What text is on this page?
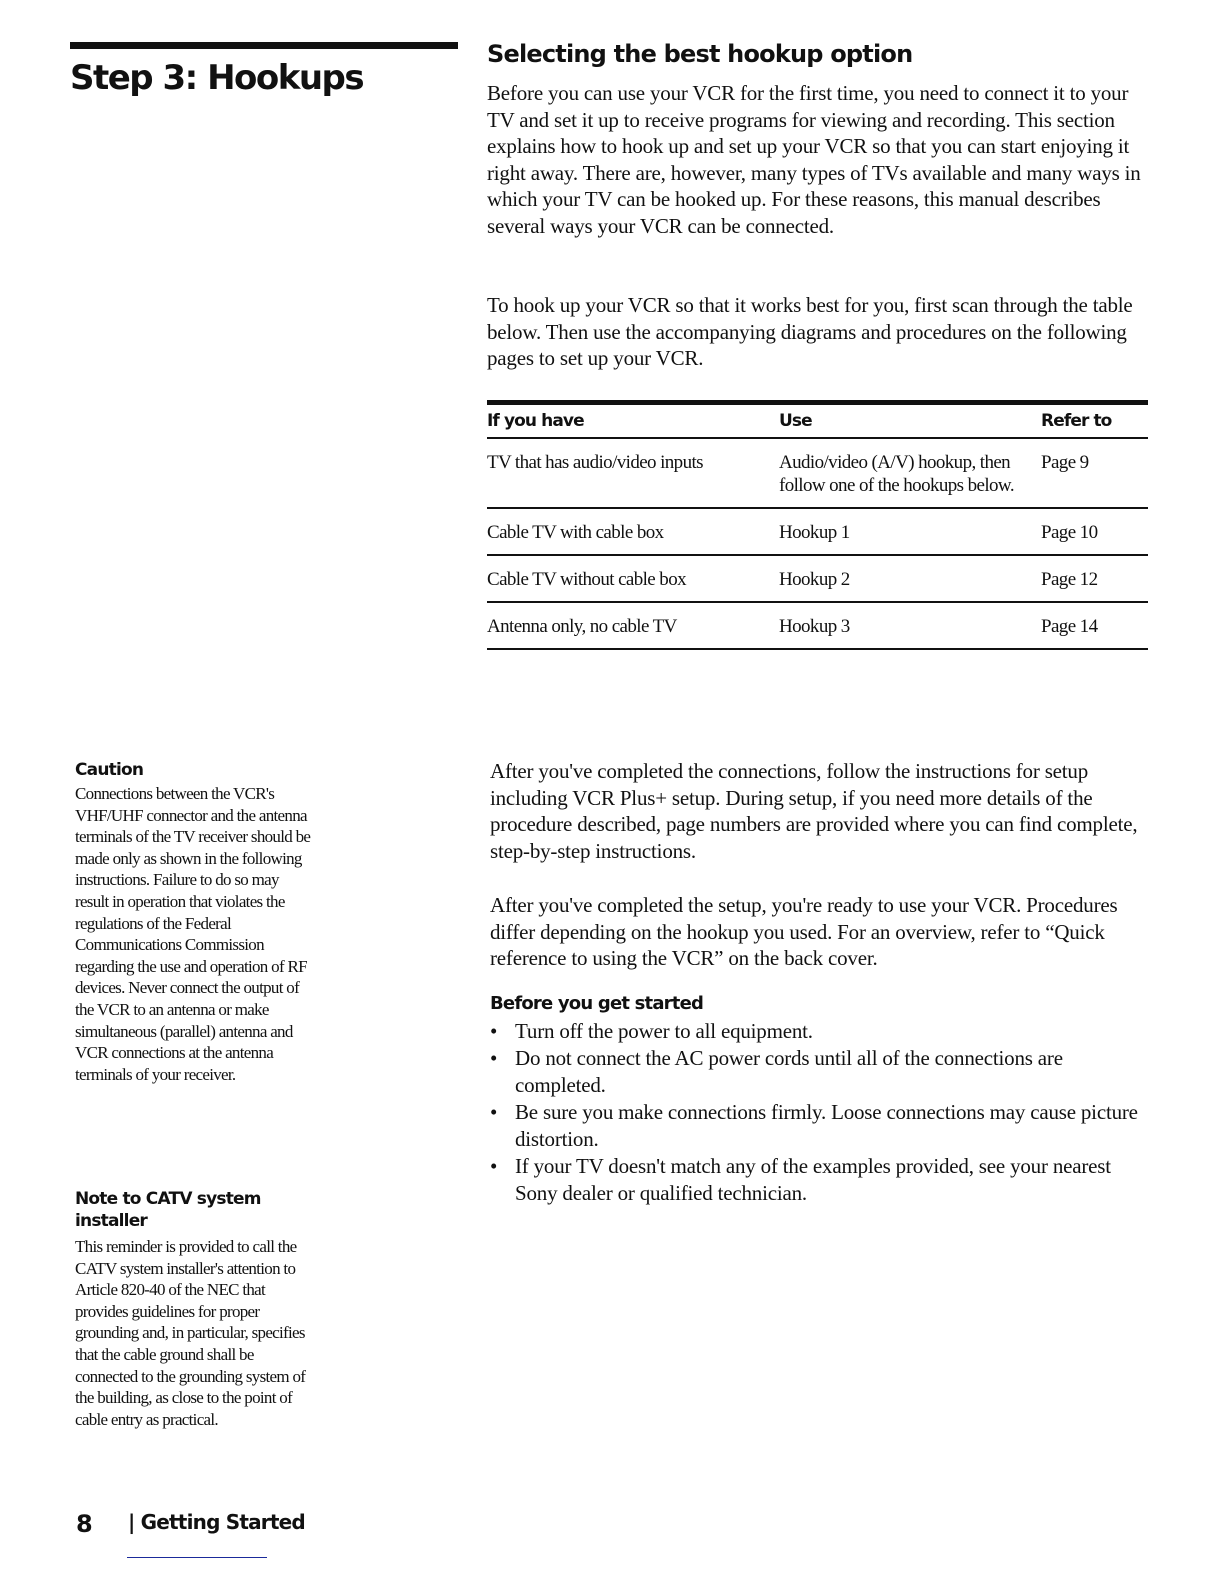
Step 3: Hookups
Selecting the best hookup option

Before you can use your VCR for the first time, you need to connect it to your TV and set it up to receive programs for viewing and recording. This section explains how to hook up and set up your VCR so that you can start enjoying it right away. There are, however, many types of TVs available and many ways in which your TV can be hooked up. For these reasons, this manual describes several ways your VCR can be connected.

To hook up your VCR so that it works best for you, first scan through the table below. Then use the accompanying diagrams and procedures on the following pages to set up your VCR.

If you have	Use	Refer to
TV that has audio/video inputs	Audio/video (A/V) hookup, then follow one of the hookups below.	Page 9
Cable TV with cable box	Hookup 1	Page 10
Cable TV without cable box	Hookup 2	Page 12
Antenna only, no cable TV	Hookup 3	Page 14

After you've completed the connections, follow the instructions for setup including VCR Plus+ setup. During setup, if you need more details of the procedure described, page numbers are provided where you can find complete, step-by-step instructions.

After you've completed the setup, you're ready to use your VCR. Procedures differ depending on the hookup you used. For an overview, refer to “Quick reference to using the VCR” on the back cover.

Before you get started
• Turn off the power to all equipment.
• Do not connect the AC power cords until all of the connections are completed.
• Be sure you make connections firmly. Loose connections may cause picture distortion.
• If your TV doesn't match any of the examples provided, see your nearest Sony dealer or qualified technician.
Caution

Connections between the VCR's VHF/UHF connector and the antenna terminals of the TV receiver should be made only as shown in the following instructions. Failure to do so may result in operation that violates the regulations of the Federal Communications Commission regarding the use and operation of RF devices. Never connect the output of the VCR to an antenna or make simultaneous (parallel) antenna and VCR connections at the antenna terminals of your receiver.

Note to CATV system installer

This reminder is provided to call the CATV system installer's attention to Article 820-40 of the NEC that provides guidelines for proper grounding and, in particular, specifies that the cable ground shall be connected to the grounding system of the building, as close to the point of cable entry as practical.

8 | Getting Started
